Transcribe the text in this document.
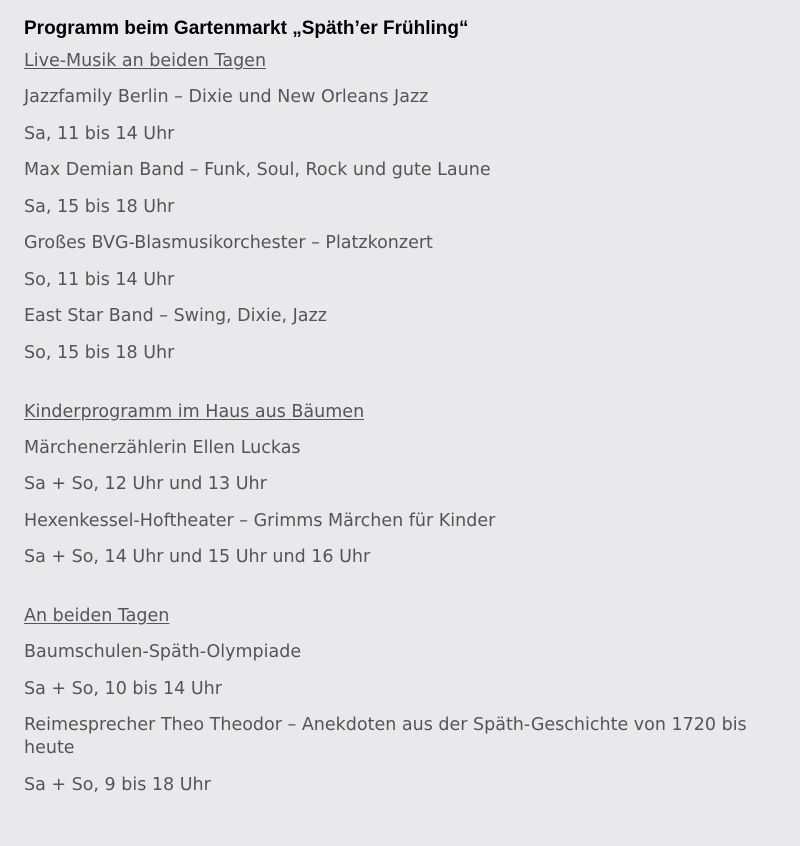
Programm beim Gartenmarkt „Späth’er Frühling“
Live-Musik an beiden Tagen
Jazzfamily Berlin – Dixie und New Orleans Jazz
Sa, 11 bis 14 Uhr
Max Demian Band – Funk, Soul, Rock und gute Laune
Sa, 15 bis 18 Uhr
Großes BVG-Blasmusikorchester – Platzkonzert
So, 11 bis 14 Uhr
East Star Band – Swing, Dixie, Jazz
So, 15 bis 18 Uhr
Kinderprogramm im Haus aus Bäumen
Märchenerzählerin Ellen Luckas
Sa + So, 12 Uhr und 13 Uhr
Hexenkessel-Hoftheater – Grimms Märchen für Kinder
Sa + So, 14 Uhr und 15 Uhr und 16 Uhr
An beiden Tagen
Baumschulen-Späth-Olympiade
Sa + So, 10 bis 14 Uhr
Reimesprecher Theo Theodor – Anekdoten aus der Späth-Geschichte von 1720 bis heute
Sa + So, 9 bis 18 Uhr
